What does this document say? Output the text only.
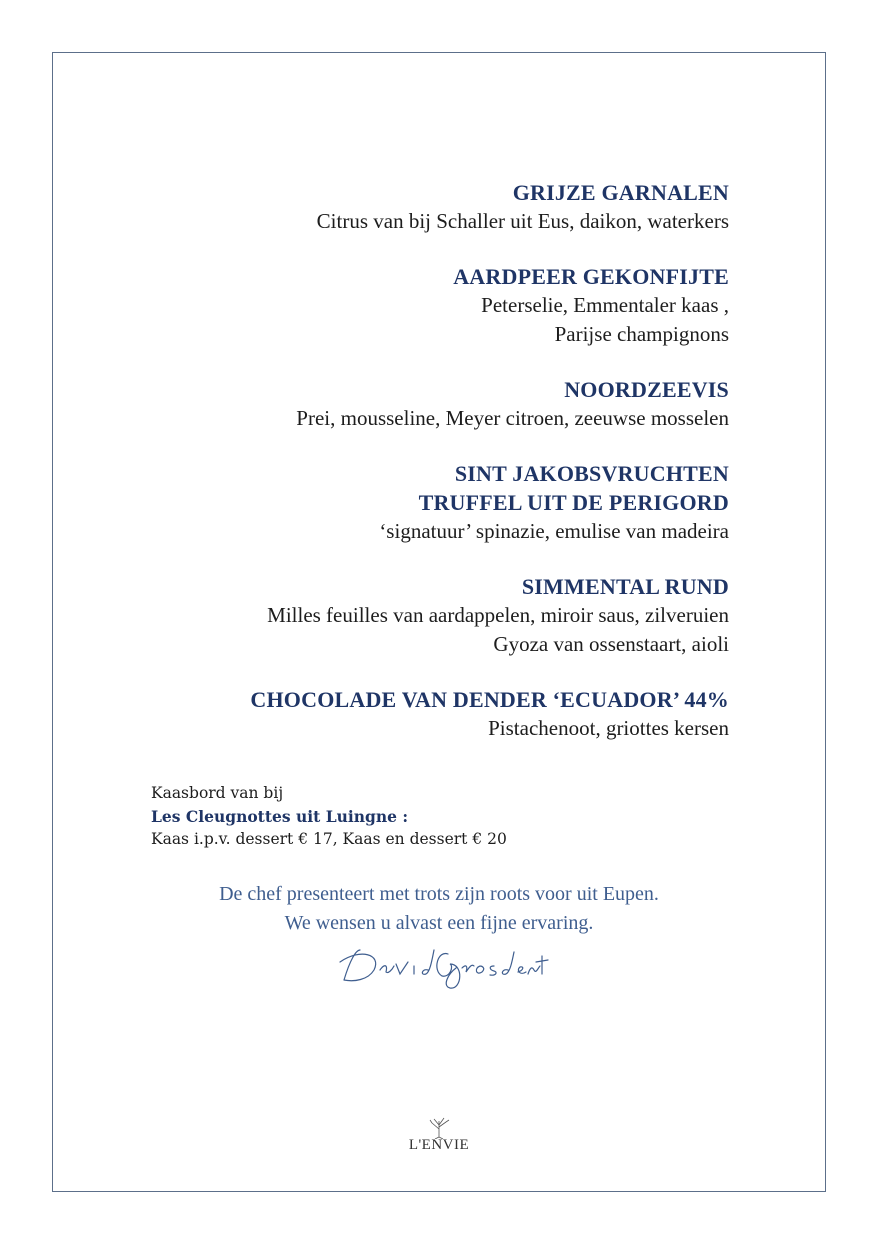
GRIJZE GARNALEN
Citrus van bij Schaller uit Eus, daikon, waterkers
AARDPEER GEKONFIJTE
Peterselie, Emmentaler kaas ,
Parijse champignons
NOORDZEEVIS
Prei, mousseline, Meyer citroen, zeeuwse mosselen
SINT JAKOBSVRUCHTEN
TRUFFEL UIT DE PERIGORD
‘signatuur’ spinazie, emulise van madeira
SIMMENTAL RUND
Milles feuilles van aardappelen, miroir saus, zilveruien
Gyoza van ossenstaart, aioli
CHOCOLADE VAN DENDER ‘ECUADOR’ 44%
Pistachenoot, griottes kersen
Kaasbord van bij
Les Cleugnottes uit Luingne :
Kaas i.p.v. dessert € 17, Kaas en dessert € 20
De chef presenteert met trots zijn roots voor uit Eupen.
We wensen u alvast een fijne ervaring.
L'ENVIE
